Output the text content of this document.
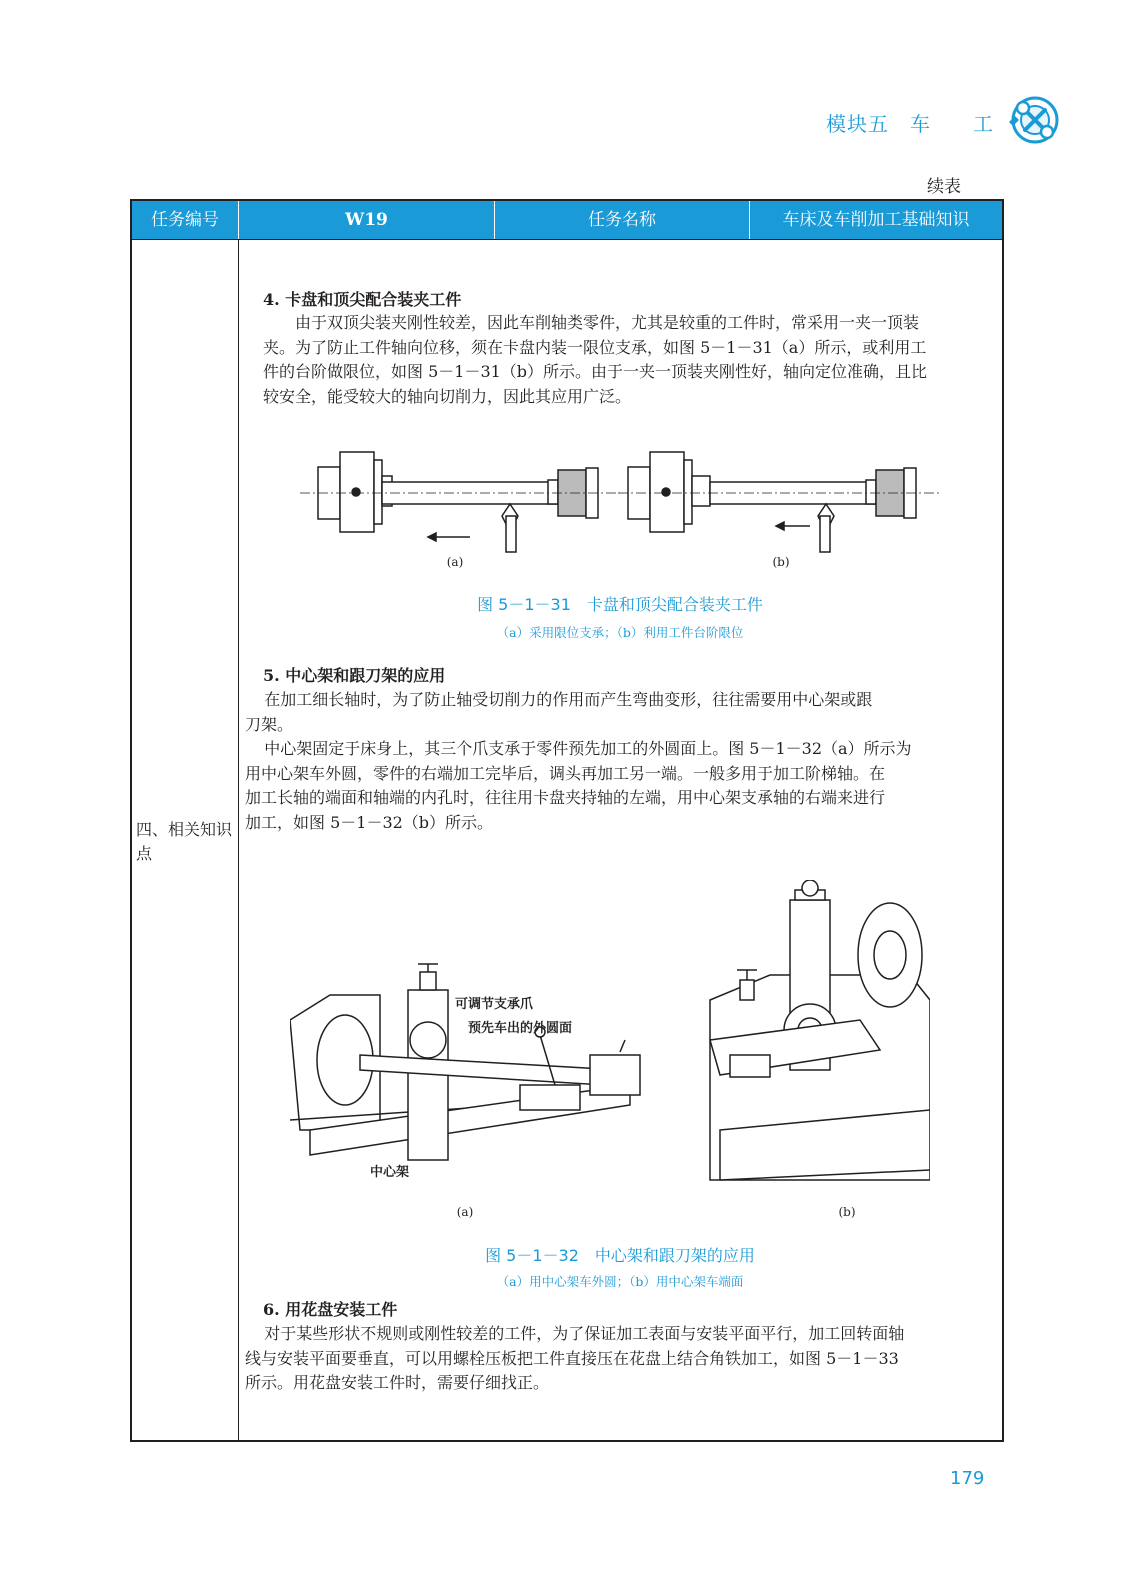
模块五　车　　工
续表
任务编号	W19	任务名称	车床及车削加工基础知识
四、相关知识点
4. 卡盘和顶尖配合装夹工件
由于双顶尖装夹刚性较差，因此车削轴类零件，尤其是较重的工件时，常采用一夹一顶装
夹。为了防止工件轴向位移，须在卡盘内装一限位支承，如图 5－1－31（a）所示，或利用工
件的台阶做限位，如图 5－1－31（b）所示。由于一夹一顶装夹刚性好，轴向定位准确，且比
较安全，能受较大的轴向切削力，因此其应用广泛。
(a)	(b)
图 5－1－31　卡盘和顶尖配合装夹工件
（a）采用限位支承；（b）利用工件台阶限位
5. 中心架和跟刀架的应用
在加工细长轴时，为了防止轴受切削力的作用而产生弯曲变形，往往需要用中心架或跟
刀架。
中心架固定于床身上，其三个爪支承于零件预先加工的外圆面上。图 5－1－32（a）所示为
用中心架车外圆，零件的右端加工完毕后，调头再加工另一端。一般多用于加工阶梯轴。在
加工长轴的端面和轴端的内孔时，往往用卡盘夹持轴的左端，用中心架支承轴的右端来进行
加工，如图 5－1－32（b）所示。
可调节支承爪
预先车出的外圆面
中心架
(a)	(b)
图 5－1－32　中心架和跟刀架的应用
（a）用中心架车外圆；（b）用中心架车端面
6. 用花盘安装工件
对于某些形状不规则或刚性较差的工件，为了保证加工表面与安装平面平行，加工回转面轴
线与安装平面要垂直，可以用螺栓压板把工件直接压在花盘上结合角铁加工，如图 5－1－33
所示。用花盘安装工件时，需要仔细找正。
179
